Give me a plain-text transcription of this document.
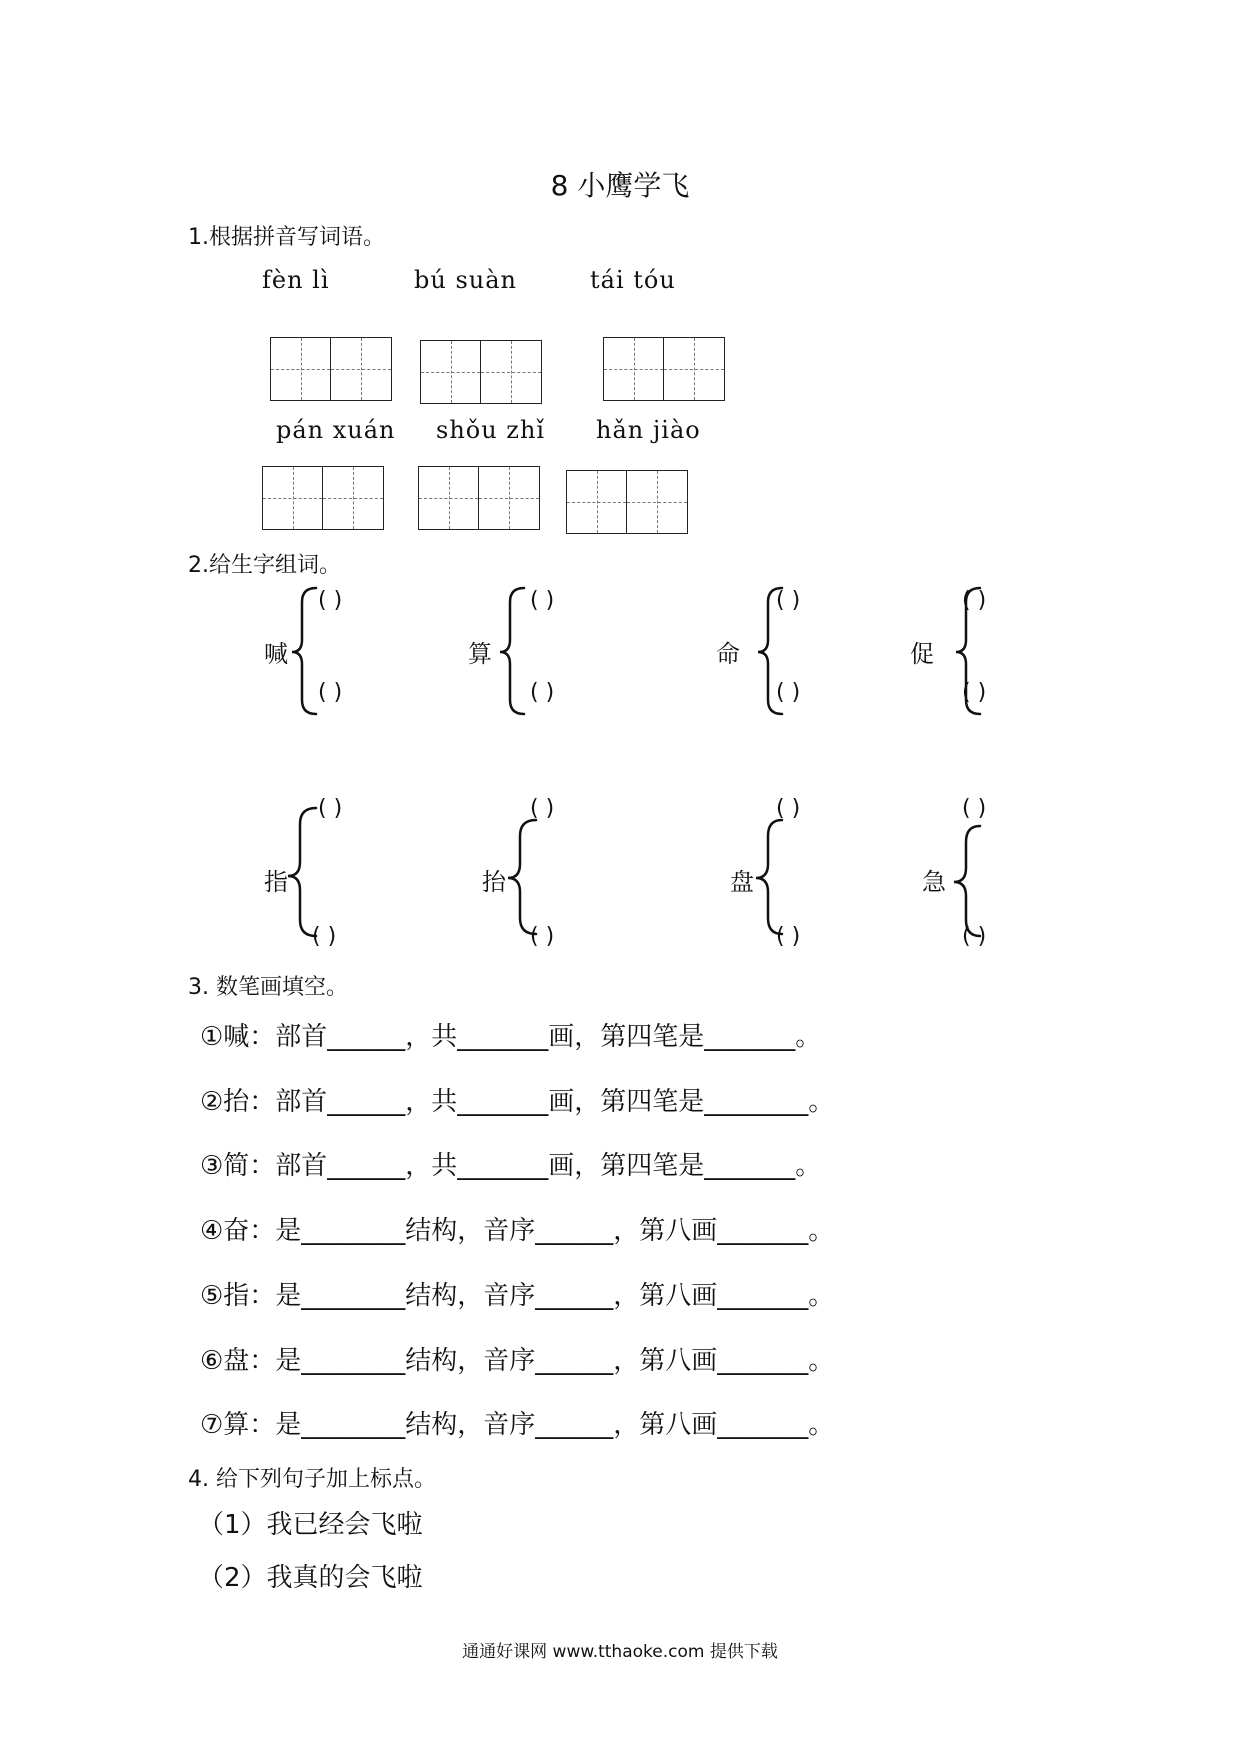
8 小鹰学飞
1.根据拼音写词语。
fèn lì	bú suàn	tái tóu
pán xuán shǒu zhǐ hǎn jiào
2.给生字组词。
喊	算	命	促
指	抬	盘	急
( )
( )
( )
( )
( )
( )
( )
( )
( )
( )
( )
( )
( )
( )
( )
( )
3. 数笔画填空。
①喊：部首______，共_______画，第四笔是_______。
②抬：部首______，共_______画，第四笔是________。
③简：部首______，共_______画，第四笔是_______。
④奋：是________结构，音序______，第八画_______。
⑤指：是________结构，音序______，第八画_______。
⑥盘：是________结构，音序______，第八画_______。
⑦算：是________结构，音序______，第八画_______。
4. 给下列句子加上标点。
（1）我已经会飞啦
（2）我真的会飞啦
通通好课网 www.tthaoke.com 提供下载
